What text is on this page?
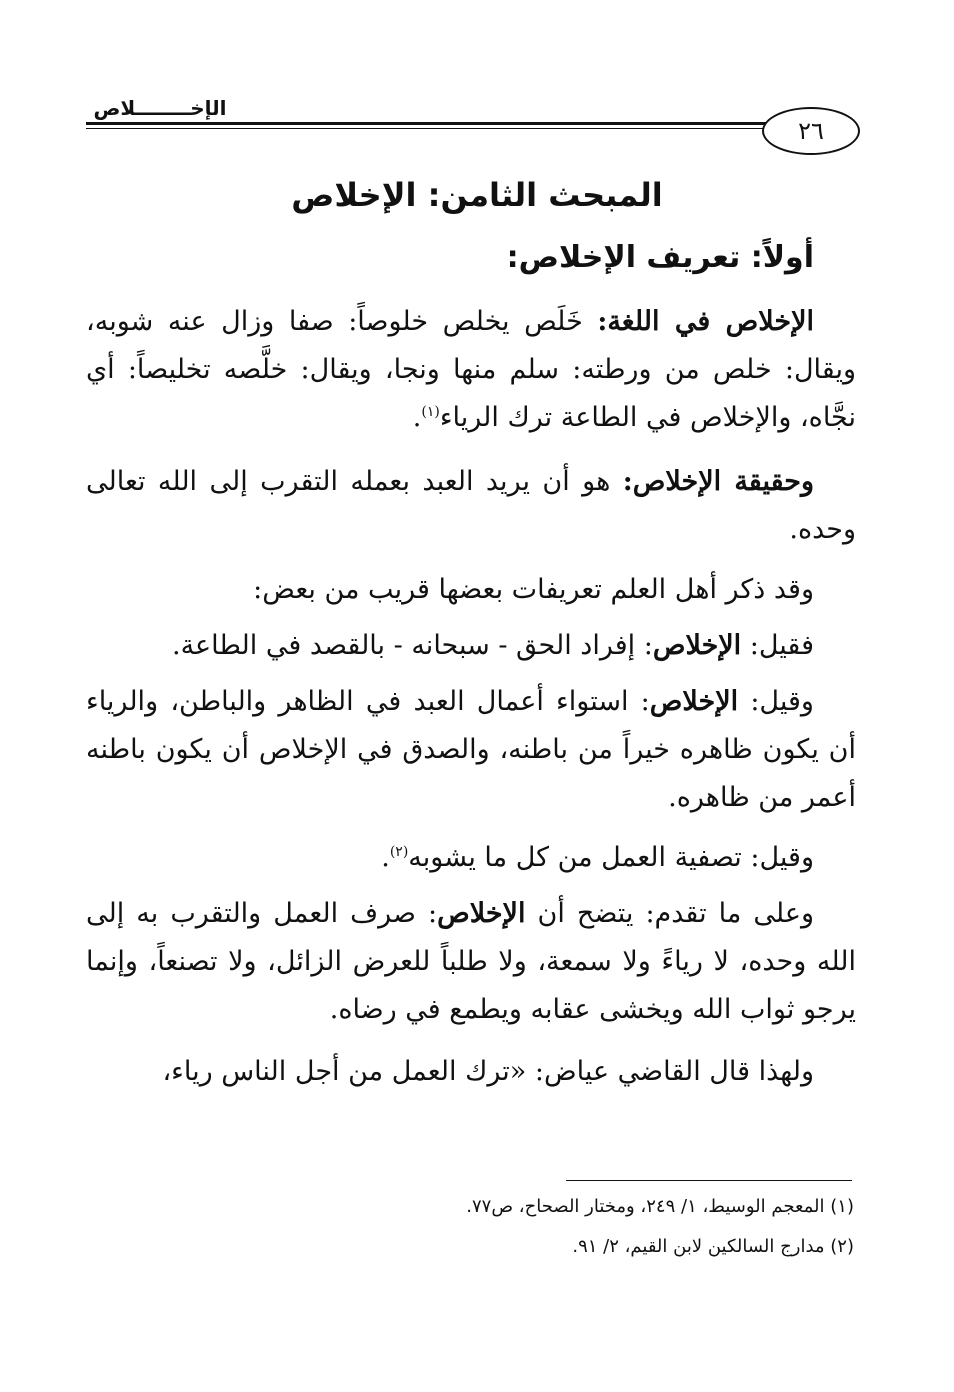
الإخــــــــلاص
٢٦
المبحث الثامن: الإخلاص
أولاً: تعريف الإخلاص:
الإخلاص في اللغة: خَلَص يخلص خلوصاً: صفا وزال عنه شوبه، ويقال: خلص من ورطته: سلم منها ونجا، ويقال: خلَّصه تخليصاً: أي نجَّاه، والإخلاص في الطاعة ترك الرياء$^{(١)}$.
وحقيقة الإخلاص: هو أن يريد العبد بعمله التقرب إلى الله تعالى وحده.
وقد ذكر أهل العلم تعريفات بعضها قريب من بعض:
فقيل: الإخلاص: إفراد الحق - سبحانه - بالقصد في الطاعة.
وقيل: الإخلاص: استواء أعمال العبد في الظاهر والباطن، والرياء أن يكون ظاهره خيراً من باطنه، والصدق في الإخلاص أن يكون باطنه أعمر من ظاهره.
وقيل: تصفية العمل من كل ما يشوبه$^{(٢)}$.
وعلى ما تقدم: يتضح أن الإخلاص: صرف العمل والتقرب به إلى الله وحده، لا رياءً ولا سمعة، ولا طلباً للعرض الزائل، ولا تصنعاً، وإنما يرجو ثواب الله ويخشى عقابه ويطمع في رضاه.
ولهذا قال القاضي عياض: «ترك العمل من أجل الناس رياء،
(١) المعجم الوسيط، ١/ ٢٤٩، ومختار الصحاح، ص٧٧.
(٢) مدارج السالكين لابن القيم، ٢/ ٩١.
